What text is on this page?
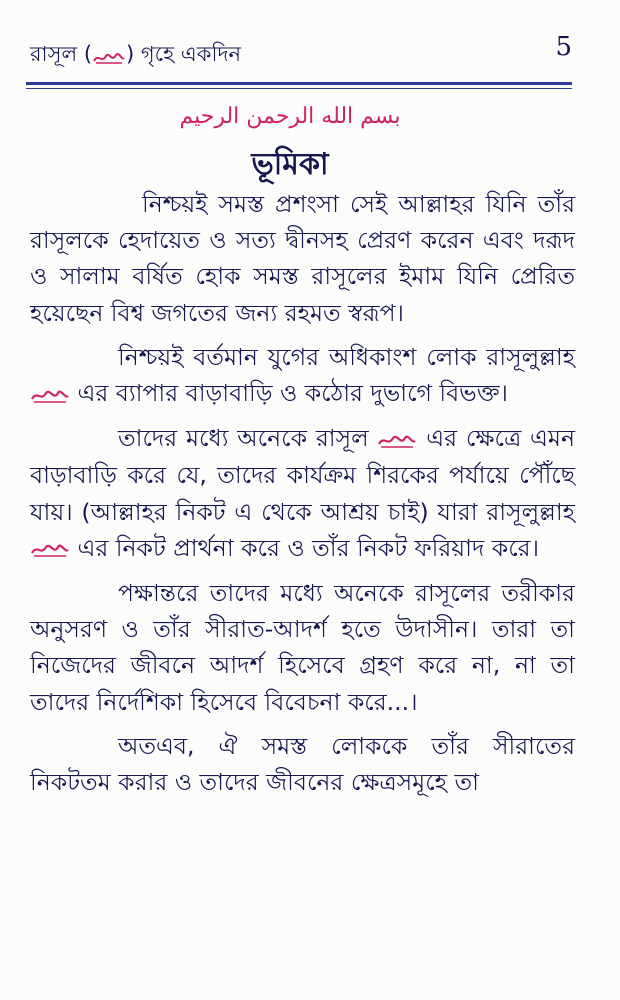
রাসূল ( ) গৃহে একদিন	5
بسم الله الرحمن الرحيم
ভূমিকা

নিশ্চয়ই সমস্ত প্রশংসা সেই আল্লাহর যিনি তাঁর রাসূলকে হেদায়েত ও সত্য দ্বীনসহ প্রেরণ করেন এবং দরূদ ও সালাম বর্ষিত হোক সমস্ত রাসূলের ইমাম যিনি প্রেরিত হয়েছেন বিশ্ব জগতের জন্য রহমত স্বরূপ।

নিশ্চয়ই বর্তমান যুগের অধিকাংশ লোক রাসূলুল্লাহ  এর ব্যাপার বাড়াবাড়ি ও কঠোর দুভাগে বিভক্ত।

তাদের মধ্যে অনেকে রাসূল এর ক্ষেত্রে এমন বাড়াবাড়ি করে যে, তাদের কার্যক্রম শিরকের পর্যায়ে পৌঁছে যায়। (আল্লাহর নিকট এ থেকে আশ্রয় চাই) যারা রাসূলুল্লাহ  এর নিকট প্রার্থনা করে ও তাঁর নিকট ফরিয়াদ করে।

পক্ষান্তরে তাদের মধ্যে অনেকে রাসূলের তরীকার অনুসরণ ও তাঁর সীরাত-আদর্শ হতে উদাসীন। তারা তা নিজেদের জীবনে আদর্শ হিসেবে গ্রহণ করে না, না তা তাদের নির্দেশিকা হিসেবে বিবেচনা করে...।

অতএব, ঐ সমস্ত লোককে তাঁর সীরাতের নিকটতম করার ও তাদের জীবনের ক্ষেত্রসমূহে তা
